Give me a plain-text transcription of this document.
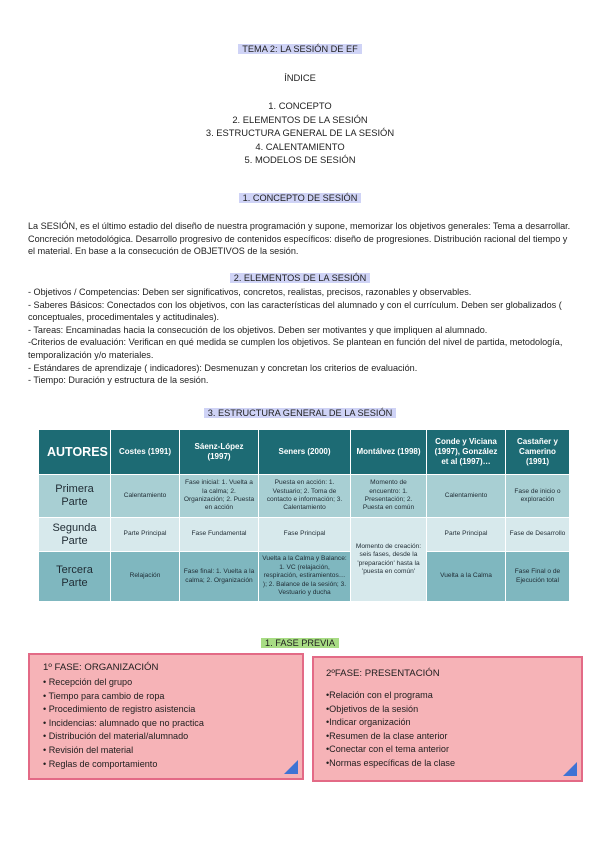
TEMA 2: LA SESIÓN DE EF
ÍNDICE
1. CONCEPTO
2. ELEMENTOS DE LA SESIÓN
3. ESTRUCTURA GENERAL DE LA SESIÓN
4. CALENTAMIENTO
5. MODELOS DE SESIÓN
1. CONCEPTO DE SESIÓN
La SESIÓN, es el último estadio del diseño de nuestra programación y supone, memorizar los objetivos generales: Tema a desarrollar. Concreción metodológica. Desarrollo progresivo de contenidos específicos: diseño de progresiones. Distribución racional del tiempo y el material. En base a la consecución de OBJETIVOS de la sesión.
2. ELEMENTOS DE LA SESIÓN
- Objetivos / Competencias: Deben ser significativos, concretos, realistas, precisos, razonables y observables.
- Saberes Básicos: Conectados con los objetivos, con las características del alumnado y con el currículum. Deben ser globalizados ( conceptuales, procedimentales y actitudinales).
- Tareas: Encaminadas hacia la consecución de los objetivos. Deben ser motivantes y que impliquen al alumnado.
-Criterios de evaluación: Verifican en qué medida se cumplen los objetivos. Se plantean en función del nivel de partida, metodología, temporalización y/o materiales.
- Estándares de aprendizaje ( indicadores): Desmenuzan y concretan los criterios de evaluación.
- Tiempo: Duración y estructura de la sesión.
3. ESTRUCTURA GENERAL DE LA SESIÓN
AUTORES	Costes (1991)	Sáenz-López (1997)	Seners (2000)	Montálvez (1998)	Conde y Viciana (1997), González et al (1997)…	Castañer y Camerino (1991)
Primera Parte	Calentamiento	Fase inicial: 1. Vuelta a la calma; 2. Organización; 2. Puesta en acción	Puesta en acción: 1. Vestuario; 2. Toma de contacto e información; 3. Calentamiento	Momento de encuentro: 1. Presentación; 2. Puesta en común	Calentamiento	Fase de inicio o exploración
Segunda Parte	Parte Principal	Fase Fundamental	Fase Principal	Momento de creación: seis fases, desde la 'preparación' hasta la 'puesta en común'	Parte Principal	Fase de Desarrollo
Tercera Parte	Relajación	Fase final: 1. Vuelta a la calma; 2. Organización	Vuelta a la Calma y Balance: 1. VC (relajación, respiración, estiramientos… ); 2. Balance de la sesión; 3. Vestuario y ducha		Vuelta a la Calma	Fase Final o de Ejecución total
1. FASE PREVIA
1º FASE: ORGANIZACIÓN
• Recepción del grupo
• Tiempo para cambio de ropa
• Procedimiento de registro asistencia
• Incidencias: alumnado que no practica
• Distribución del material/alumnado
• Revisión del material
• Reglas de comportamiento
2ºFASE: PRESENTACIÓN
•Relación con el programa
•Objetivos de la sesión
•Indicar organización
•Resumen de la clase anterior
•Conectar con el tema anterior
•Normas específicas de la clase
